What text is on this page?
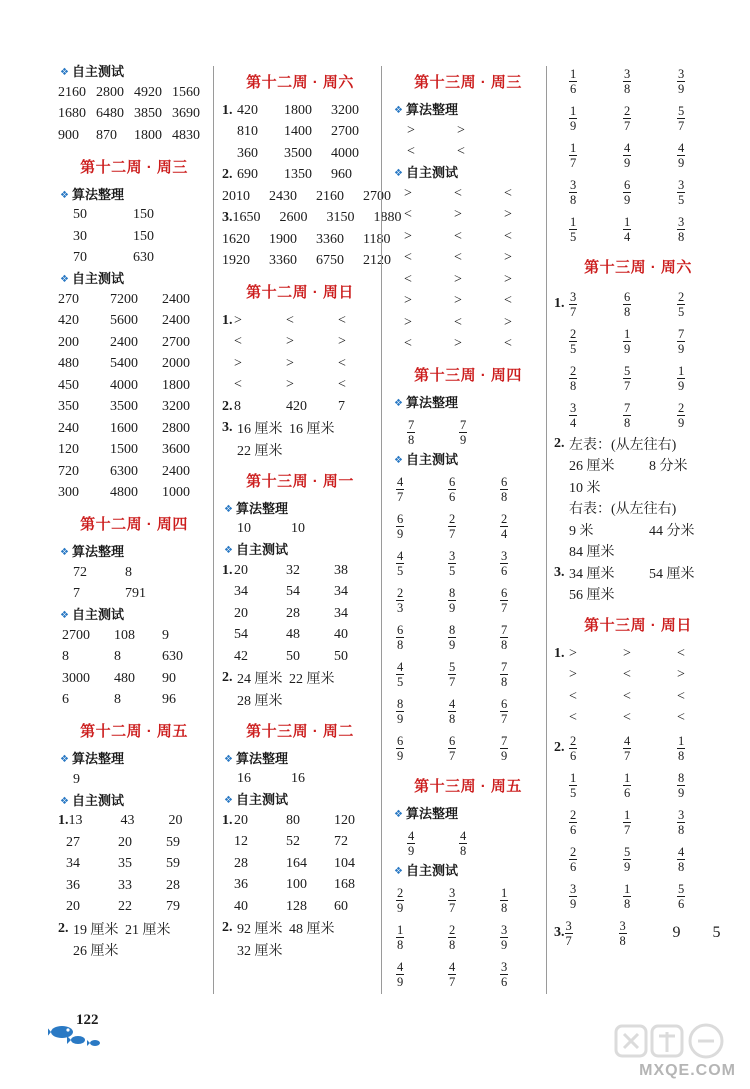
❖ 自主测试
2160 2800 4920 1560
1680 6480 3850 3690
900	870	1800 4830
第十二周 · 周三
❖ 算法整理
50	150
30	150
70	630
❖ 自主测试
270	7200	2400
420	5600	2400
200	2400	2700
480	5400	2000
450	4000	1800
350	3500	3200
240	1600	2800
120	1500	3600
720	6300	2400
300	4800	1000
第十二周 · 周四
❖ 算法整理
72	8
7	791
❖ 自主测试
2700	108	9
8	8	630
3000	480	90
6	8	96
第十二周 · 周五
❖ 算法整理
9
❖ 自主测试
1. 13	43	20
27	20	59
34	35	59
36	33	28
20	22	79
2. 19 厘米 21 厘米
26 厘米
第十二周 · 周六
1. 420	1800	3200
810	1400	2700
360	3500	4000
2. 690	1350	960
2010	2430	2160	2700
3. 1650	2600	3150	1880
1620	1900	3360	1180
1920	3360	6750	2120
第十二周 · 周日
1. >	<	<
<	>	>
>	>	<
<	>	<
2. 8	420	7
3. 16 厘米 16 厘米
22 厘米
第十三周 · 周一
❖ 算法整理
10	10
❖ 自主测试
1. 20	32	38
34	54	34
20	28	34
54	48	40
42	50	50
2. 24 厘米 22 厘米
28 厘米
第十三周 · 周二
❖ 算法整理
16	16
❖ 自主测试
1. 20	80	120
12	52	72
28	164	104
36	100	168
40	128	60
2. 92 厘米 48 厘米
32 厘米
第十三周 · 周三
❖ 算法整理
>	>
<	<
❖ 自主测试
>	<	<
<	>	>
>	<	<
<	<	>
<	>	>
>	>	<
>	<	>
<	>	<
第十三周 · 周四
❖ 算法整理
$\frac{7}{8}$	$\frac{7}{9}$
❖ 自主测试
$\frac{4}{7}$	$\frac{6}{6}$	$\frac{6}{8}$
$\frac{6}{9}$	$\frac{2}{7}$	$\frac{2}{4}$
$\frac{4}{5}$	$\frac{3}{5}$	$\frac{3}{6}$
$\frac{2}{3}$	$\frac{8}{9}$	$\frac{6}{7}$
$\frac{6}{8}$	$\frac{8}{9}$	$\frac{7}{8}$
$\frac{4}{5}$	$\frac{5}{7}$	$\frac{7}{8}$
$\frac{8}{9}$	$\frac{4}{8}$	$\frac{6}{7}$
$\frac{6}{9}$	$\frac{6}{7}$	$\frac{7}{9}$
第十三周 · 周五
❖ 算法整理
$\frac{4}{9}$	$\frac{4}{8}$
❖ 自主测试
$\frac{2}{9}$	$\frac{3}{7}$	$\frac{1}{8}$
$\frac{1}{8}$	$\frac{2}{8}$	$\frac{3}{9}$
$\frac{4}{9}$	$\frac{4}{7}$	$\frac{3}{6}$
$\frac{1}{6}$	$\frac{3}{8}$	$\frac{3}{9}$
$\frac{1}{9}$	$\frac{2}{7}$	$\frac{5}{7}$
$\frac{1}{7}$	$\frac{4}{9}$	$\frac{4}{9}$
$\frac{3}{8}$	$\frac{6}{9}$	$\frac{3}{5}$
$\frac{1}{5}$	$\frac{1}{4}$	$\frac{3}{8}$
第十三周 · 周六
1. $\frac{3}{7}$	$\frac{6}{8}$	$\frac{2}{5}$
$\frac{2}{5}$	$\frac{1}{9}$	$\frac{7}{9}$
$\frac{2}{8}$	$\frac{5}{7}$	$\frac{1}{9}$
$\frac{3}{4}$	$\frac{7}{8}$	$\frac{2}{9}$
2. 左表：(从左往右)
26 厘米	8 分米
10 米
右表：(从左往右)
9 米	44 分米
84 厘米
3. 34 厘米	54 厘米
56 厘米
第十三周 · 周日
1. >	>	<
>	<	>
<	<	<
<	<	<
2. $\frac{2}{6}$	$\frac{4}{7}$	$\frac{1}{8}$
$\frac{1}{5}$	$\frac{1}{6}$	$\frac{8}{9}$
$\frac{2}{6}$	$\frac{1}{7}$	$\frac{3}{8}$
$\frac{2}{6}$	$\frac{5}{9}$	$\frac{4}{8}$
$\frac{3}{9}$	$\frac{1}{8}$	$\frac{5}{6}$
3. $\frac{3}{7}$	$\frac{3}{8}$	9	5
122
MXQE.COM
